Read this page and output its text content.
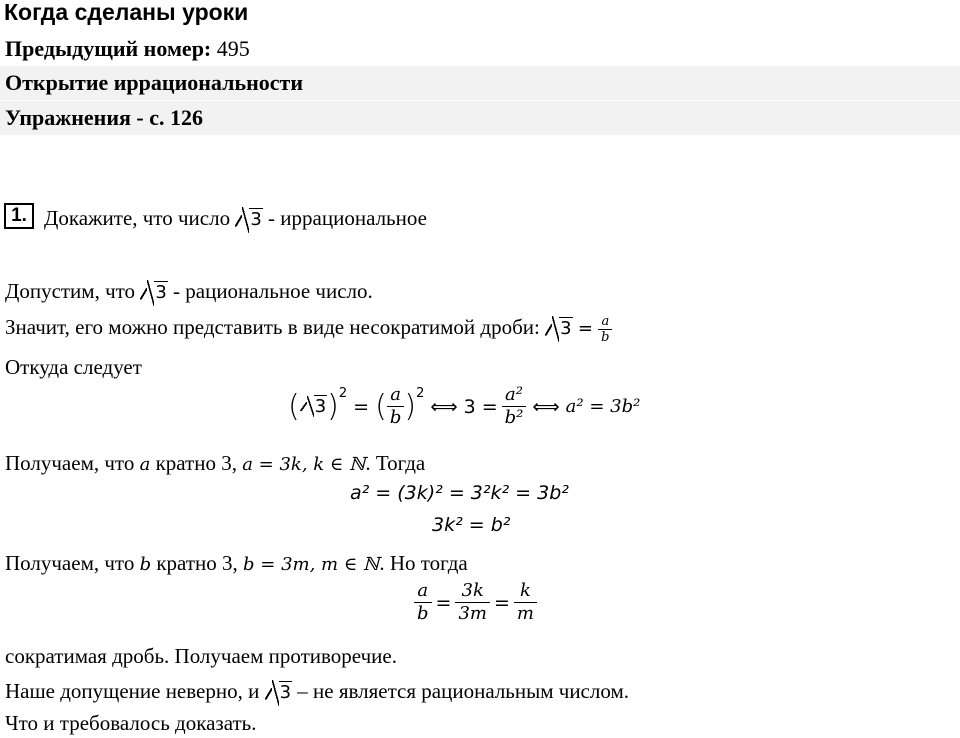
Когда сделаны уроки
Предыдущий номер: 495
Открытие иррациональности
Упражнения - с. 126
1. Докажите, что число 3 - иррациональное
Допустим, что 3 - рациональное число.
Значит, его можно представить в виде несократимой дроби: $3 = \frac{a}{b}$
Откуда следует
( 3 )$^2$
= ( $\frac{a}{b} )^2$
⟺ $3 = \frac{\text{a²}}{\text{b²}}$ ⟺ a² = 3b²
Получаем, что a кратно 3, a = 3k, k ∈ ℕ. Тогда
a² = (3k)² = 3²k² = 3b²
3k² = b²
Получаем, что b кратно 3, b = 3m, m ∈ ℕ. Но тогда
$\frac{a}{b} = \frac{3k}{3m} = \frac{k}{m}$
сократимая дробь. Получаем противоречие.
Наше допущение неверно, и 3 – не является рациональным числом.
Что и требовалось доказать.
